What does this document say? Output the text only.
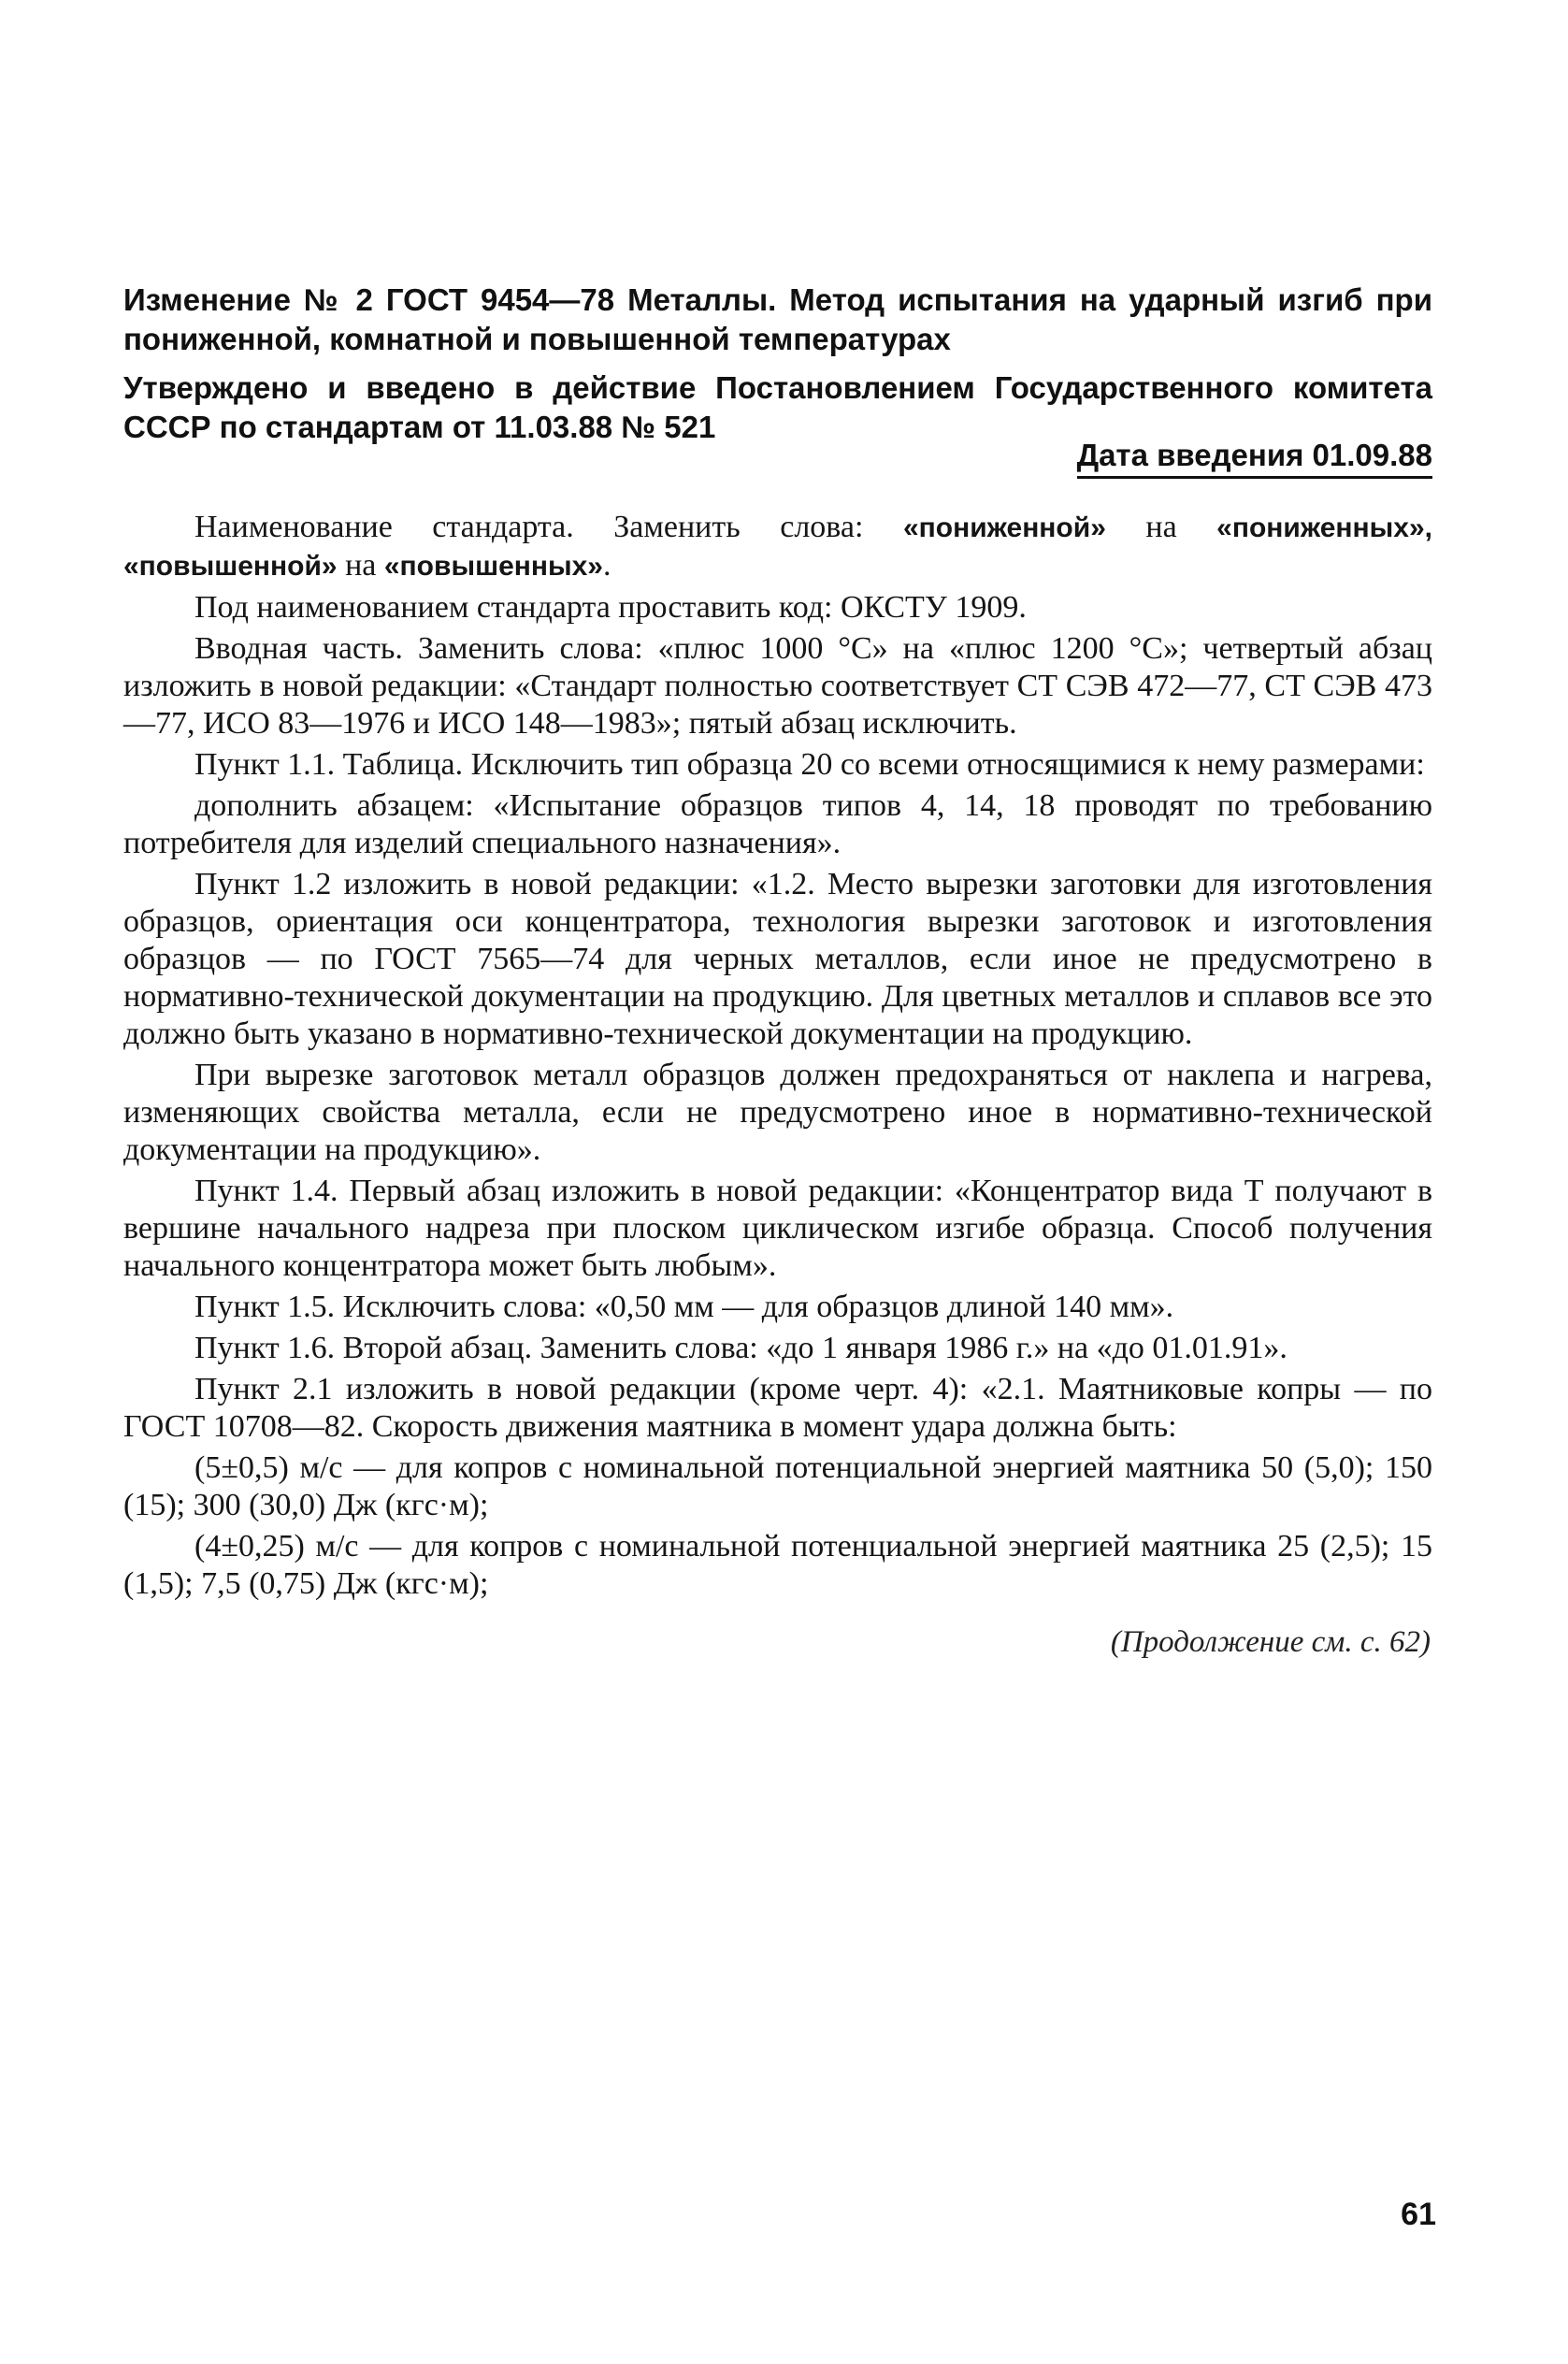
Изменение № 2 ГОСТ 9454—78 Металлы. Метод испытания на ударный изгиб при пониженной, комнатной и повышенной температурах

Утверждено и введено в действие Постановлением Государственного комитета СССР по стандартам от 11.03.88 № 521

Дата введения 01.09.88

Наименование стандарта. Заменить слова: «пониженной» на «пониженных», «повышенной» на «повышенных».

Под наименованием стандарта проставить код: ОКСТУ 1909.

Вводная часть. Заменить слова: «плюс 1000 °С» на «плюс 1200 °С»; четвертый абзац изложить в новой редакции: «Стандарт полностью соответствует СТ СЭВ 472—77, СТ СЭВ 473—77, ИСО 83—1976 и ИСО 148—1983»; пятый абзац исключить.

Пункт 1.1. Таблица. Исключить тип образца 20 со всеми относящимися к нему размерами:

дополнить абзацем: «Испытание образцов типов 4, 14, 18 проводят по требованию потребителя для изделий специального назначения».

Пункт 1.2 изложить в новой редакции: «1.2. Место вырезки заготовки для изготовления образцов, ориентация оси концентратора, технология вырезки заготовок и изготовления образцов — по ГОСТ 7565—74 для черных металлов, если иное не предусмотрено в нормативно-технической документации на продукцию. Для цветных металлов и сплавов все это должно быть указано в нормативно-технической документации на продукцию.

При вырезке заготовок металл образцов должен предохраняться от наклепа и нагрева, изменяющих свойства металла, если не предусмотрено иное в нормативно-технической документации на продукцию».

Пункт 1.4. Первый абзац изложить в новой редакции: «Концентратор вида Т получают в вершине начального надреза при плоском циклическом изгибе образца. Способ получения начального концентратора может быть любым».

Пункт 1.5. Исключить слова: «0,50 мм — для образцов длиной 140 мм».

Пункт 1.6. Второй абзац. Заменить слова: «до 1 января 1986 г.» на «до 01.01.91».

Пункт 2.1 изложить в новой редакции (кроме черт. 4): «2.1. Маятниковые копры — по ГОСТ 10708—82. Скорость движения маятника в момент удара должна быть:

(5±0,5) м/с — для копров с номинальной потенциальной энергией маятника 50 (5,0); 150 (15); 300 (30,0) Дж (кгс·м);

(4±0,25) м/с — для копров с номинальной потенциальной энергией маятника 25 (2,5); 15 (1,5); 7,5 (0,75) Дж (кгс·м);

(Продолжение см. с. 62)
61
